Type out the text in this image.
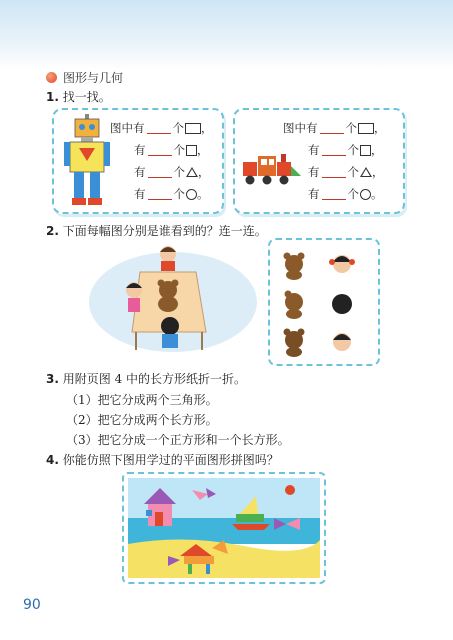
图形与几何
1. 找一找。
图中有 个 ，
有 个 ，
有 个 ，
有 个 。
图中有 个 ，
有 个 ，
有 个 ，
有 个 。
2. 下面每幅图分别是谁看到的？连一连。
3. 用附页图 4 中的长方形纸折一折。
（1）把它分成两个三角形。
（2）把它分成两个长方形。
（3）把它分成一个正方形和一个长方形。
4. 你能仿照下图用学过的平面图形拼图吗？
90
